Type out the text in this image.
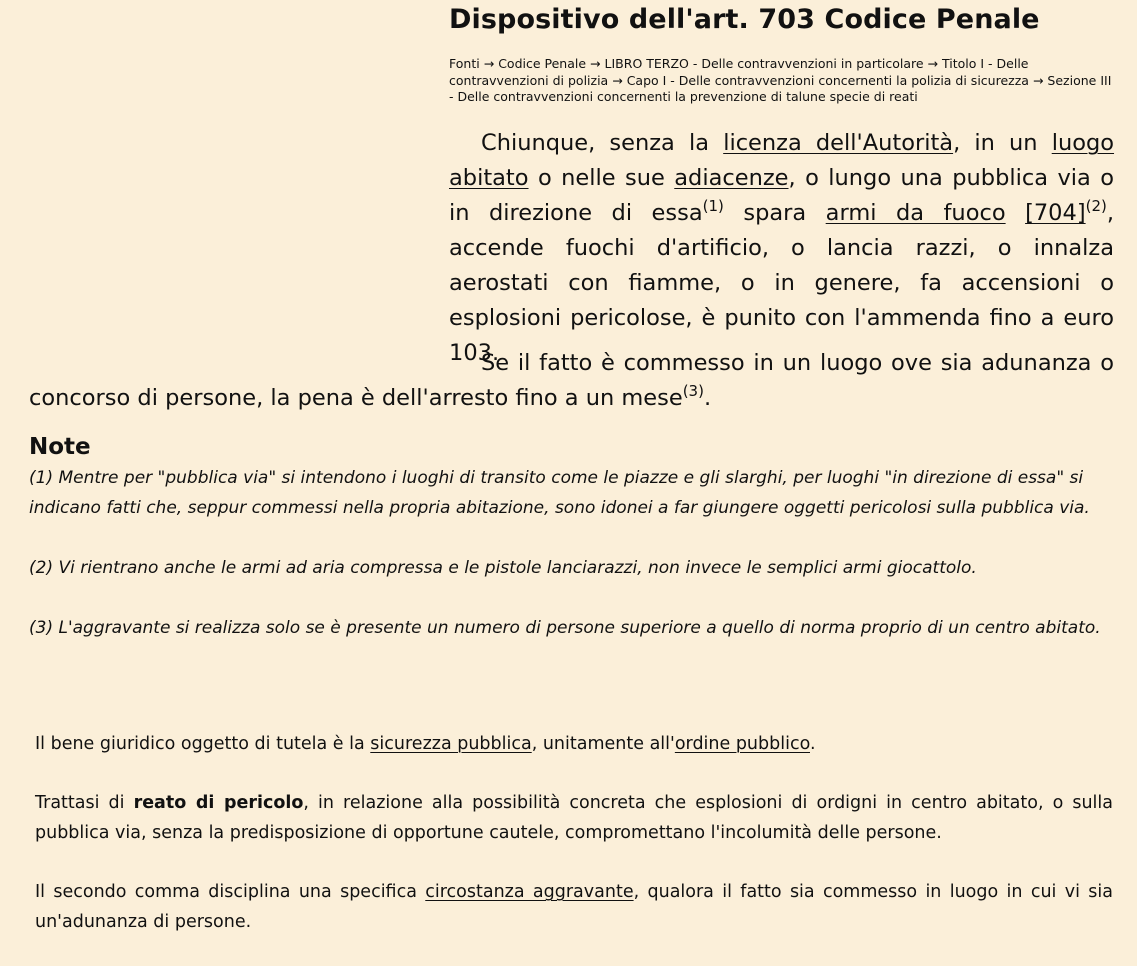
Dispositivo dell'art. 703 Codice Penale
Fonti → Codice Penale → LIBRO TERZO - Delle contravvenzioni in particolare → Titolo I - Delle contravvenzioni di polizia → Capo I - Delle contravvenzioni concernenti la polizia di sicurezza → Sezione III - Delle contravvenzioni concernenti la prevenzione di talune specie di reati

Chiunque, senza la licenza dell'Autorità, in un luogo abitato o nelle sue adiacenze, o lungo una pubblica via o in direzione di essa$^{(1)}$ spara armi da fuoco $[704]^{(2)}$, accende fuochi d'artificio, o lancia razzi, o innalza aerostati con fiamme, o in genere, fa accensioni o esplosioni pericolose, è punito con l'ammenda fino a euro 103.

Se il fatto è commesso in un luogo ove sia adunanza o
concorso di persone, la pena è dell'arresto fino a un mese$^{(3)}$.
Note

(1) Mentre per "pubblica via" si intendono i luoghi di transito come le piazze e gli slarghi, per luoghi "in direzione di essa" si indicano fatti che, seppur commessi nella propria abitazione, sono idonei a far giungere oggetti pericolosi sulla pubblica via.

(2) Vi rientrano anche le armi ad aria compressa e le pistole lanciarazzi, non invece le semplici armi giocattolo.

(3) L'aggravante si realizza solo se è presente un numero di persone superiore a quello di norma proprio di un centro abitato.

Il bene giuridico oggetto di tutela è la sicurezza pubblica, unitamente all'ordine pubblico.

Trattasi di reato di pericolo, in relazione alla possibilità concreta che esplosioni di ordigni in centro abitato, o sulla pubblica via, senza la predisposizione di opportune cautele, compromettano l'incolumità delle persone.

Il secondo comma disciplina una specifica circostanza aggravante, qualora il fatto sia commesso in luogo in cui vi sia un'adunanza di persone.
